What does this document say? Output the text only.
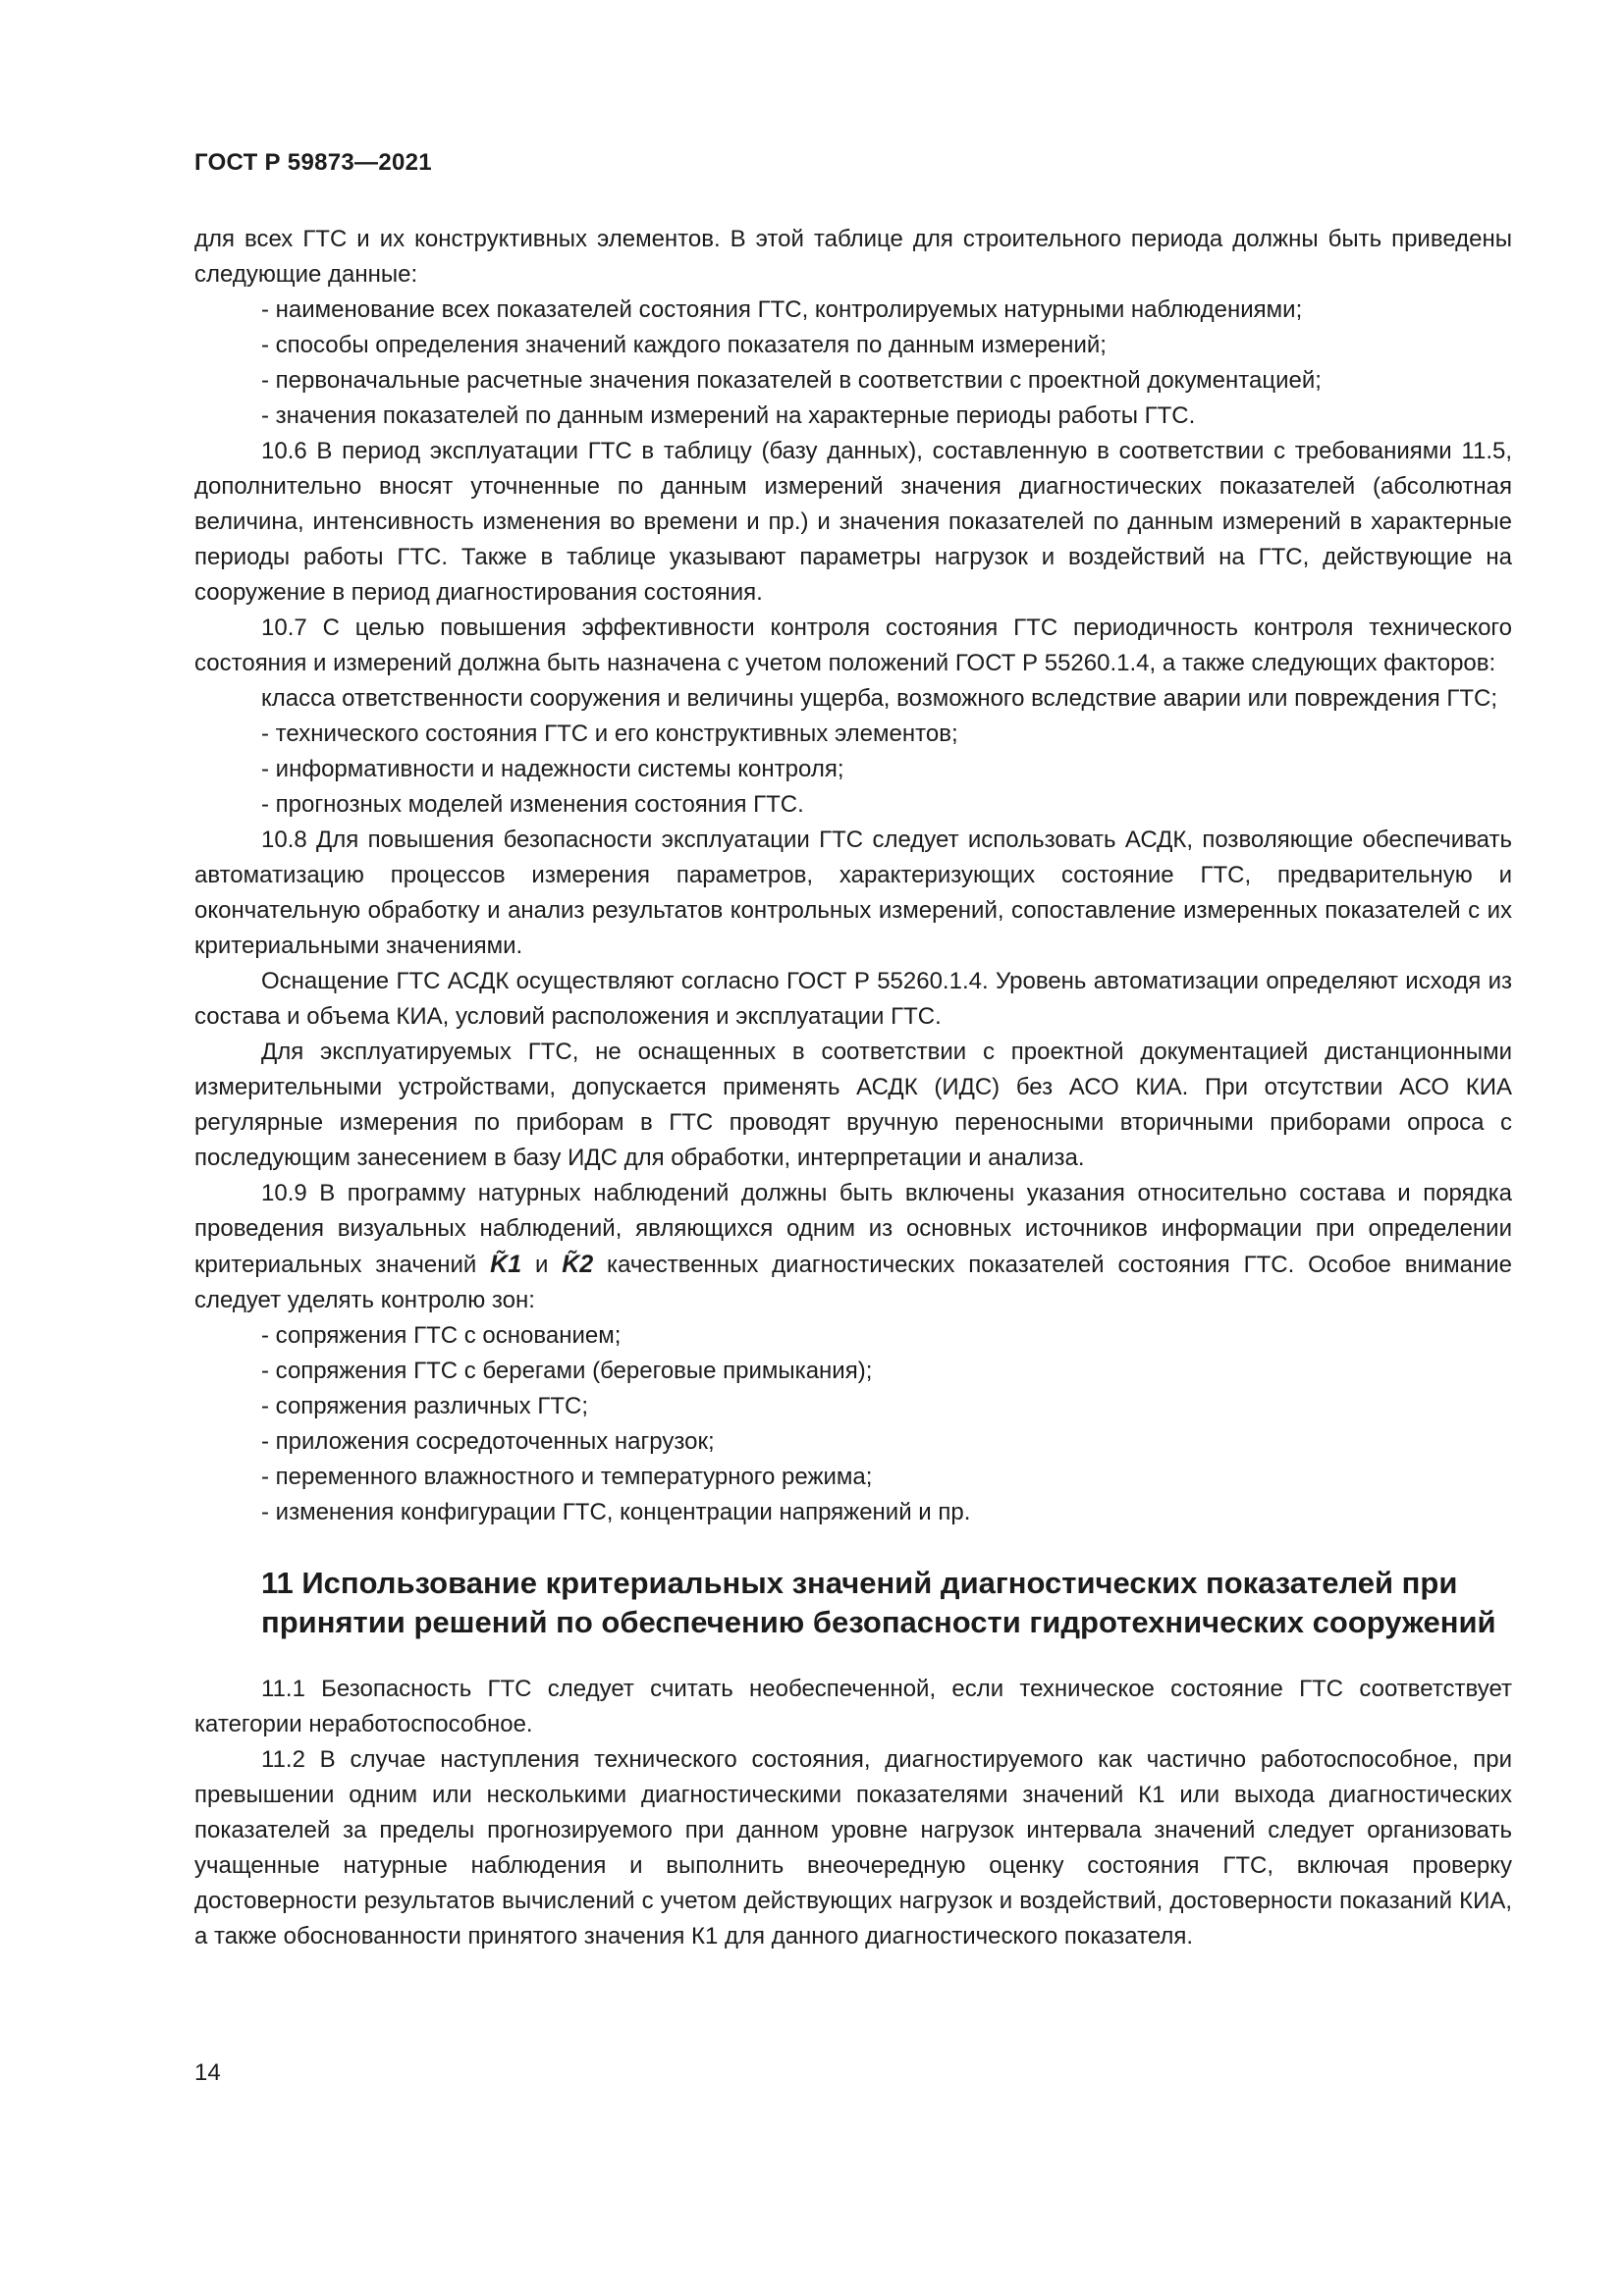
ГОСТ Р 59873—2021

для всех ГТС и их конструктивных элементов. В этой таблице для строительного периода должны быть приведены следующие данные:

- наименование всех показателей состояния ГТС, контролируемых натурными наблюдениями;

- способы определения значений каждого показателя по данным измерений;

- первоначальные расчетные значения показателей в соответствии с проектной документацией;

- значения показателей по данным измерений на характерные периоды работы ГТС.

10.6 В период эксплуатации ГТС в таблицу (базу данных), составленную в соответствии с требованиями 11.5, дополнительно вносят уточненные по данным измерений значения диагностических показателей (абсолютная величина, интенсивность изменения во времени и пр.) и значения показателей по данным измерений в характерные периоды работы ГТС. Также в таблице указывают параметры нагрузок и воздействий на ГТС, действующие на сооружение в период диагностирования состояния.

10.7 С целью повышения эффективности контроля состояния ГТС периодичность контроля технического состояния и измерений должна быть назначена с учетом положений ГОСТ Р 55260.1.4, а также следующих факторов:

класса ответственности сооружения и величины ущерба, возможного вследствие аварии или повреждения ГТС;

- технического состояния ГТС и его конструктивных элементов;

- информативности и надежности системы контроля;

- прогнозных моделей изменения состояния ГТС.

10.8 Для повышения безопасности эксплуатации ГТС следует использовать АСДК, позволяющие обеспечивать автоматизацию процессов измерения параметров, характеризующих состояние ГТС, предварительную и окончательную обработку и анализ результатов контрольных измерений, сопоставление измеренных показателей с их критериальными значениями.

Оснащение ГТС АСДК осуществляют согласно ГОСТ Р 55260.1.4. Уровень автоматизации определяют исходя из состава и объема КИА, условий расположения и эксплуатации ГТС.

Для эксплуатируемых ГТС, не оснащенных в соответствии с проектной документацией дистанционными измерительными устройствами, допускается применять АСДК (ИДС) без АСО КИА. При отсутствии АСО КИА регулярные измерения по приборам в ГТС проводят вручную переносными вторичными приборами опроса с последующим занесением в базу ИДС для обработки, интерпретации и анализа.

10.9 В программу натурных наблюдений должны быть включены указания относительно состава и порядка проведения визуальных наблюдений, являющихся одним из основных источников информации при определении критериальных значений K̃1 и K̃2 качественных диагностических показателей состояния ГТС. Особое внимание следует уделять контролю зон:

- сопряжения ГТС с основанием;

- сопряжения ГТС с берегами (береговые примыкания);

- сопряжения различных ГТС;

- приложения сосредоточенных нагрузок;

- переменного влажностного и температурного режима;

- изменения конфигурации ГТС, концентрации напряжений и пр.

11 Использование критериальных значений диагностических показателей при принятии решений по обеспечению безопасности гидротехнических сооружений

11.1 Безопасность ГТС следует считать необеспеченной, если техническое состояние ГТС соответствует категории неработоспособное.

11.2 В случае наступления технического состояния, диагностируемого как частично работоспособное, при превышении одним или несколькими диагностическими показателями значений К1 или выхода диагностических показателей за пределы прогнозируемого при данном уровне нагрузок интервала значений следует организовать учащенные натурные наблюдения и выполнить внеочередную оценку состояния ГТС, включая проверку достоверности результатов вычислений с учетом действующих нагрузок и воздействий, достоверности показаний КИА, а также обоснованности принятого значения К1 для данного диагностического показателя.

14
